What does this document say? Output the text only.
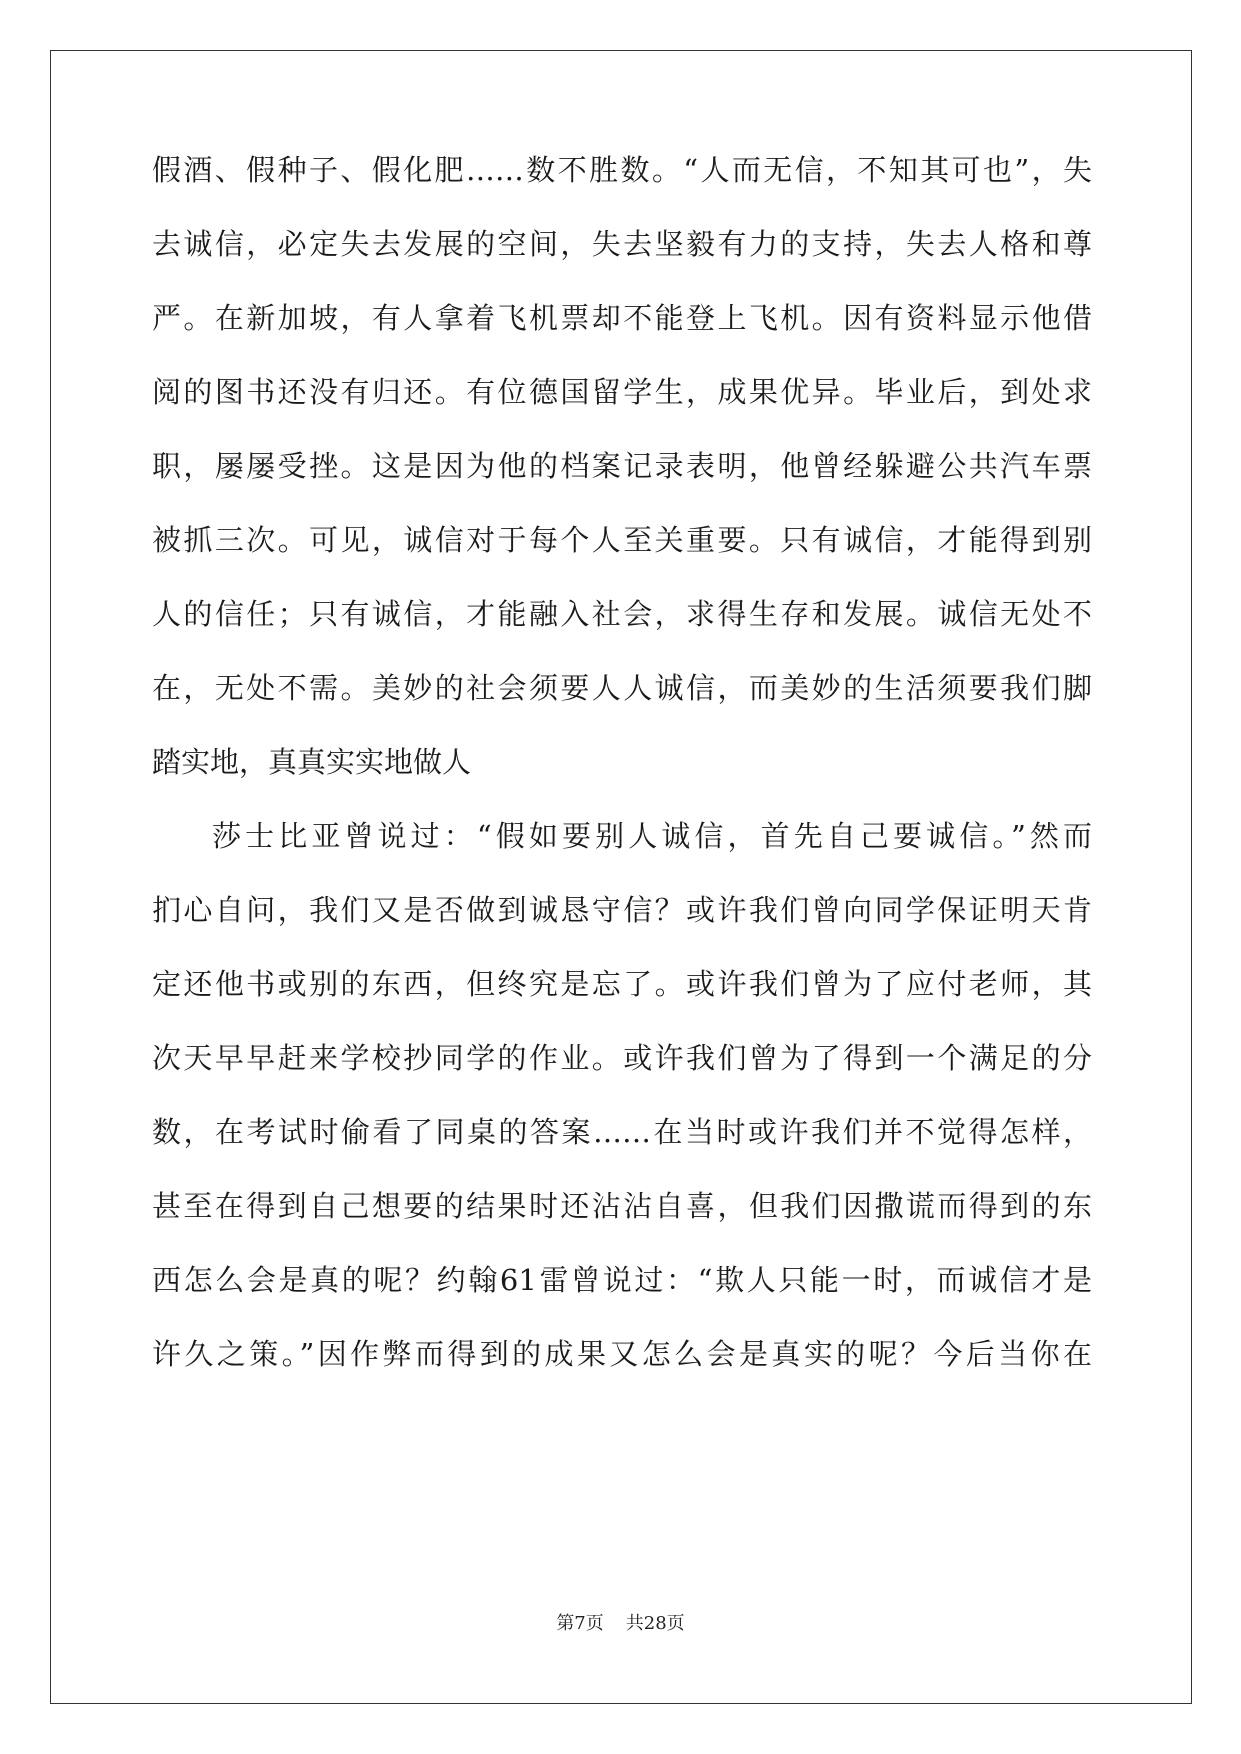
假酒、假种子、假化肥……数不胜数。“人而无信，不知其可也”，失
去诚信，必定失去发展的空间，失去坚毅有力的支持，失去人格和尊
严。在新加坡，有人拿着飞机票却不能登上飞机。因有资料显示他借
阅的图书还没有归还。有位德国留学生，成果优异。毕业后，到处求
职，屡屡受挫。这是因为他的档案记录表明，他曾经躲避公共汽车票
被抓三次。可见，诚信对于每个人至关重要。只有诚信，才能得到别
人的信任；只有诚信，才能融入社会，求得生存和发展。诚信无处不
在，无处不需。美妙的社会须要人人诚信，而美妙的生活须要我们脚
踏实地，真真实实地做人
莎士比亚曾说过：“假如要别人诚信，首先自己要诚信。”然而
扪心自问，我们又是否做到诚恳守信？或许我们曾向同学保证明天肯
定还他书或别的东西，但终究是忘了。或许我们曾为了应付老师，其
次天早早赶来学校抄同学的作业。或许我们曾为了得到一个满足的分
数，在考试时偷看了同桌的答案……在当时或许我们并不觉得怎样，
甚至在得到自己想要的结果时还沾沾自喜，但我们因撒谎而得到的东
西怎么会是真的呢？约翰61雷曾说过：“欺人只能一时，而诚信才是
许久之策。”因作弊而得到的成果又怎么会是真实的呢？今后当你在
第7页 共28页
